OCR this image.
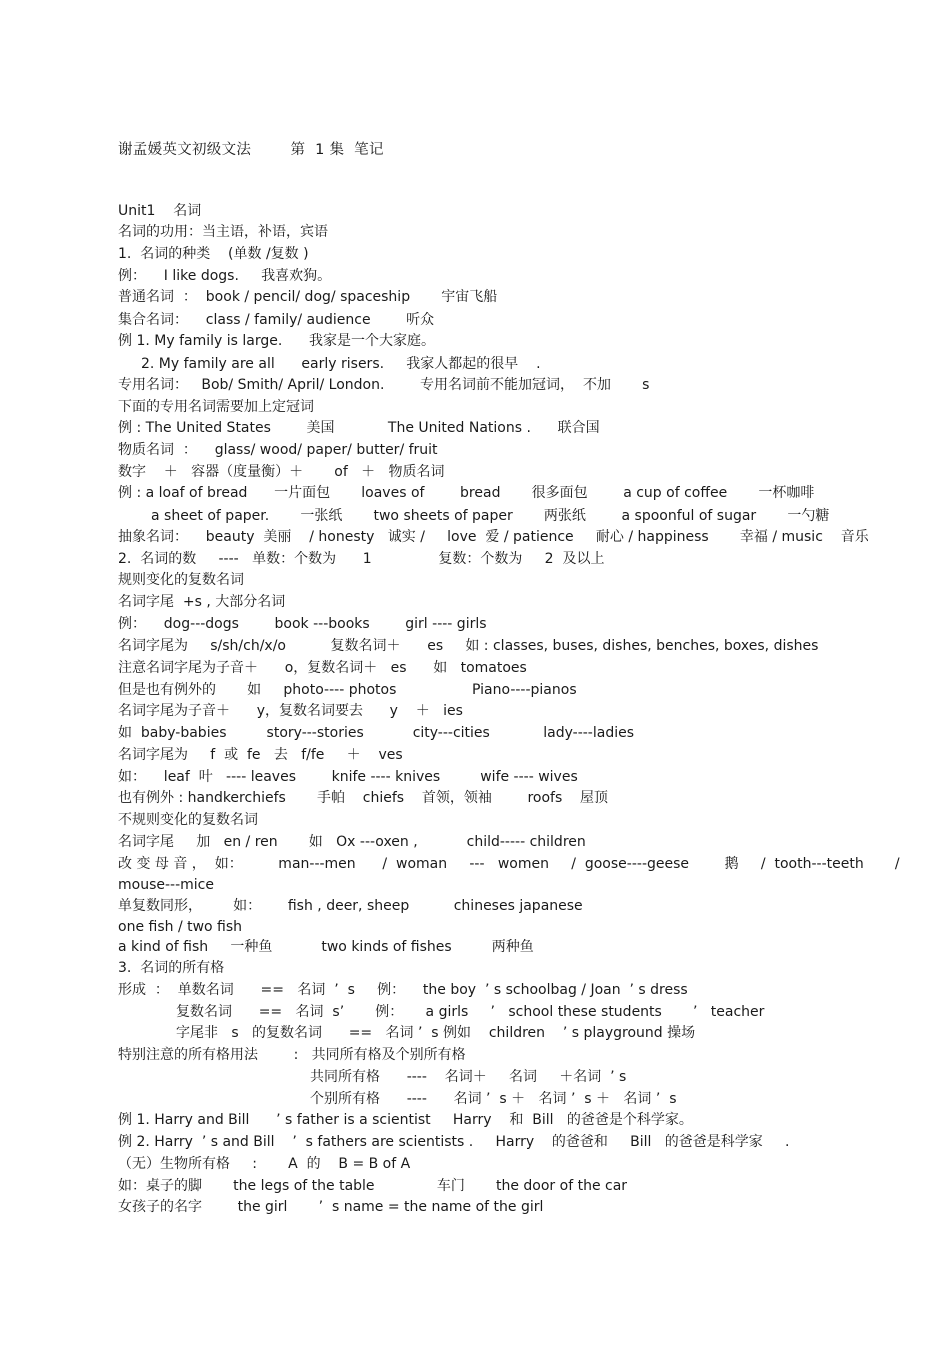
谢孟媛英文初级文法        第  1 集  笔记
Unit1    名词
名词的功用：当主语，补语，宾语
1.  名词的种类    (单数 /复数 )
例：    I like dogs.     我喜欢狗。
普通名词  ：  book / pencil/ dog/ spaceship       宇宙飞船
集合名词：    class / family/ audience        听众
例 1. My family is large.      我家是一个大家庭。
2. My family are all      early risers.     我家人都起的很早    .
专用名词：   Bob/ Smith/ April/ London.        专用名词前不能加冠词，  不加       s
下面的专用名词需要加上定冠词
例 : The United States        美国            The United Nations .      联合国
物质名词  ：    glass/ wood/ paper/ butter/ fruit
数字    ＋   容器（度量衡）＋       of   ＋   物质名词
例 : a loaf of bread      一片面包       loaves of        bread       很多面包        a cup of coffee       一杯咖啡
a sheet of paper.       一张纸       two sheets of paper       两张纸        a spoonful of sugar       一勺糖
抽象名词：    beauty  美丽    / honesty   诚实 /     love  爱 / patience     耐心 / happiness       幸福 / music    音乐
2.  名词的数     ----   单数：个数为      1               复数：个数为     2  及以上
规则变化的复数名词
名词字尾  +s , 大部分名词
例：    dog---dogs        book ---books        girl ---- girls
名词字尾为     s/sh/ch/x/o          复数名词＋      es     如 : classes, buses, dishes, benches, boxes, dishes
注意名词字尾为子音＋      o，复数名词＋   es      如   tomatoes
但是也有例外的       如     photo---- photos                 Piano----pianos
名词字尾为子音＋      y，复数名词要去      y    ＋   ies
如  baby-babies         story---stories           city---cities            lady----ladies
名词字尾为     f  或  fe   去   f/fe     ＋    ves
如：    leaf  叶   ---- leaves        knife ---- knives         wife ---- wives
也有例外 : handkerchiefs       手帕    chiefs    首领，领袖        roofs    屋顶
不规则变化的复数名词
名词字尾     加   en / ren       如   Ox ---oxen ,           child----- children
改 变 母 音 ，  如：        man---men      /  woman     ---   women     /  goose----geese        鹅     /  tooth---teeth       /
mouse---mice
单复数同形，       如：      fish , deer, sheep          chineses japanese
one fish / two fish
a kind of fish     一种鱼           two kinds of fishes         两种鱼
3.  名词的所有格
形成  ：  单数名词      ==   名词  ’  s     例：    the boy  ’ s schoolbag / Joan  ’ s dress
复数名词      ==   名词  s’       例：     a girls     ’   school these students       ’   teacher
字尾非   s   的复数名词      ==   名词 ’  s 例如    children    ’ s playground 操场
特别注意的所有格用法        :   共同所有格及个别所有格
共同所有格      ----    名词＋     名词     ＋名词  ’ s
个别所有格      ----      名词 ’  s ＋   名词 ’  s ＋   名词 ’  s
例 1. Harry and Bill      ’ s father is a scientist     Harry    和  Bill   的爸爸是个科学家。
例 2. Harry  ’ s and Bill    ’  s fathers are scientists .     Harry    的爸爸和     Bill   的爸爸是科学家     .
（无）生物所有格     :       A  的    B = B of A
如：桌子的脚       the legs of the table              车门       the door of the car
女孩子的名字        the girl       ’  s name = the name of the girl
